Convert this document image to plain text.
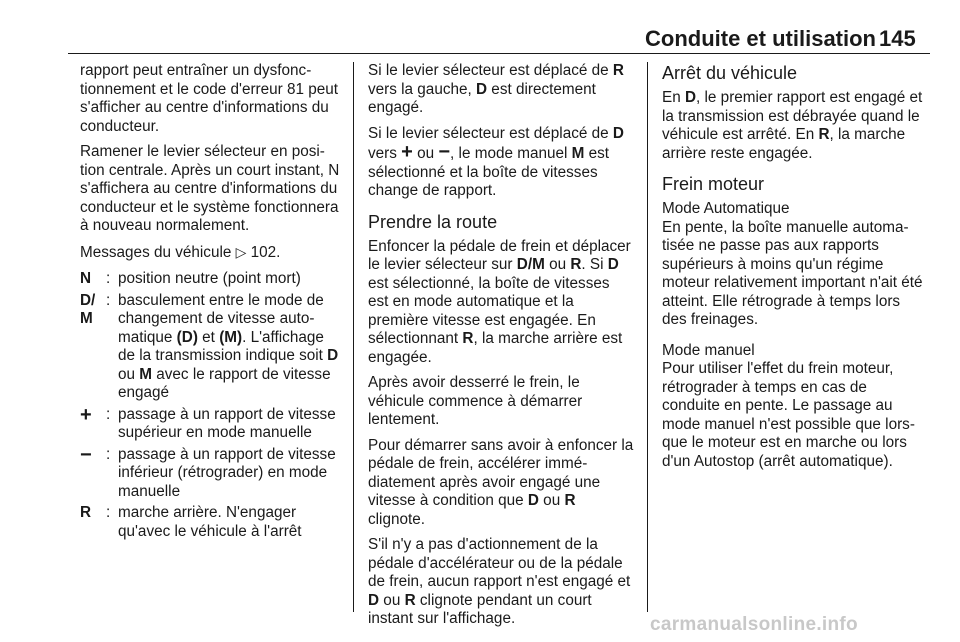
Conduite et utilisation 145

rapport peut entraîner un dysfonctionnement et le code d'erreur 81 peut s'afficher au centre d'informations du conducteur.

Ramener le levier sélecteur en position centrale. Après un court instant, N s'affichera au centre d'informations du conducteur et le système fonctionnera à nouveau normalement.

Messages du véhicule ▷ 102.

N : position neutre (point mort)
D/
M
: basculement entre le mode de changement de vitesse automatique (D) et (M). L'affichage de la transmission indique soit D ou M avec le rapport de vitesse engagé
+ : passage à un rapport de vitesse supérieur en mode manuelle
− : passage à un rapport de vitesse inférieur (rétrograder) en mode manuelle
R : marche arrière. N'engager qu'avec le véhicule à l'arrêt

Si le levier sélecteur est déplacé de R vers la gauche, D est directement engagé.

Si le levier sélecteur est déplacé de D vers + ou −, le mode manuel M est sélectionné et la boîte de vitesses change de rapport.

Prendre la route

Enfoncer la pédale de frein et déplacer le levier sélecteur sur D/M ou R. Si D est sélectionné, la boîte de vitesses est en mode automatique et la première vitesse est engagée. En sélectionnant R, la marche arrière est engagée.

Après avoir desserré le frein, le véhicule commence à démarrer lentement.

Pour démarrer sans avoir à enfoncer la pédale de frein, accélérer immédiatement après avoir engagé une vitesse à condition que D ou R clignote.

S'il n'y a pas d'actionnement de la pédale d'accélérateur ou de la pédale de frein, aucun rapport n'est engagé et D ou R clignote pendant un court instant sur l'affichage.

Arrêt du véhicule

En D, le premier rapport est engagé et la transmission est débrayée quand le véhicule est arrêté. En R, la marche arrière reste engagée.

Frein moteur
Mode Automatique

En pente, la boîte manuelle automatisée ne passe pas aux rapports supérieurs à moins qu'un régime moteur relativement important n'ait été atteint. Elle rétrograde à temps lors des freinages.

Mode manuel

Pour utiliser l'effet du frein moteur, rétrograder à temps en cas de conduite en pente. Le passage au mode manuel n'est possible que lorsque le moteur est en marche ou lors d'un Autostop (arrêt automatique).

carmanualsonline.info
